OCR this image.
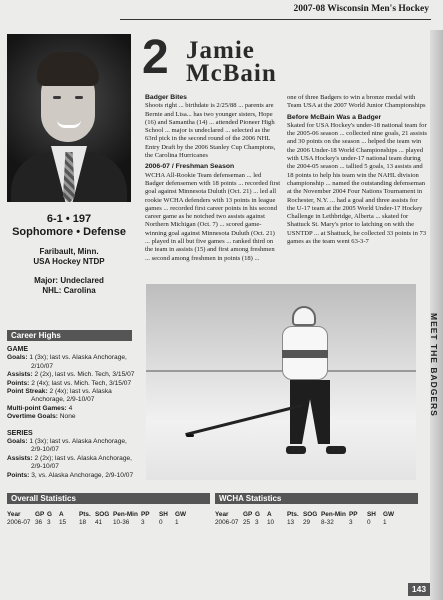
2007-08 Wisconsin Men's Hockey
2 Jamie
McBain
6-1 • 197
Sophomore • Defense
Faribault, Minn.
USA Hockey NTDP
Major: Undeclared
NHL: Carolina

Badger Bites
Shoots right ... birthdate is 2/25/88 ... parents are Bernie and Lisa... has two younger sisters, Hope (16) and Samantha (14) ... attended Pioneer High School ... major is undeclared ... selected as the 63rd pick in the second round of the 2006 NHL Entry Draft by the 2006 Stanley Cup Champions, the Carolina Hurricanes

2006-07 / Freshman Season
WCHA All-Rookie Team defenseman ... led Badger defensemen with 18 points ... recorded first goal against Minnesota Duluth (Oct. 21) ... led all rookie WCHA defenders with 13 points in league games ... recorded first career points in his second career game as he notched two assists against Northern Michigan (Oct. 7) ... scored game-winning goal against Minnesota Duluth (Oct. 21) ... played in all but five games ... ranked third on the team in assists (15) and first among freshmen ... second among freshmen in points (18) ...

one of three Badgers to win a bronze medal with Team USA at the 2007 World Junior Championships

Before McBain Was a Badger
Skated for USA Hockey's under-18 national team for the 2005-06 season ... collected nine goals, 21 assists and 30 points on the season ... helped the team win the 2006 Under-18 World Championships ... played with USA Hockey's under-17 national team during the 2004-05 season ... tallied 5 goals, 13 assists and 18 points to help his team win the NAHL division championship ... named the outstanding defenseman at the November 2004 Four Nations Tournament in Rochester, N.Y. ... had a goal and three assists for the U-17 team at the 2005 World Under-17 Hockey Challenge in Lethbridge, Alberta ... skated for Shattuck St. Mary's prior to latching on with the USNTDP ... at Shattuck, he collected 33 points in 73 games as the team went 63-3-7

MEET THE BADGERS
Career Highs
GAME
Goals: 1 (3x); last vs. Alaska Anchorage,
2/10/07
Assists: 2 (2x), last vs. Mich. Tech, 3/15/07
Points: 2 (4x); last vs. Mich. Tech, 3/15/07
Point Streak: 2 (4x); last vs. Alaska
Anchorage, 2/9-10/07
Multi-point Games: 4
Overtime Goals: None
SERIES
Goals: 1 (3x); last vs. Alaska Anchorage,
2/9-10/07
Assists: 2 (2x); last vs. Alaska Anchorage,
2/9-10/07
Points: 3, vs. Alaska Anchorage, 2/9-10/07
Overall Statistics
Year	GP	G	A	Pts.	SOG	Pen-Min	PP	SH	GW
2006-07	36	3	15	18	41	10-36	3	0	1
WCHA Statistics
Year	GP	G	A	Pts.	SOG	Pen-Min	PP	SH	GW
2006-07	25	3	10	13	29	8-32	3	0	1
143
